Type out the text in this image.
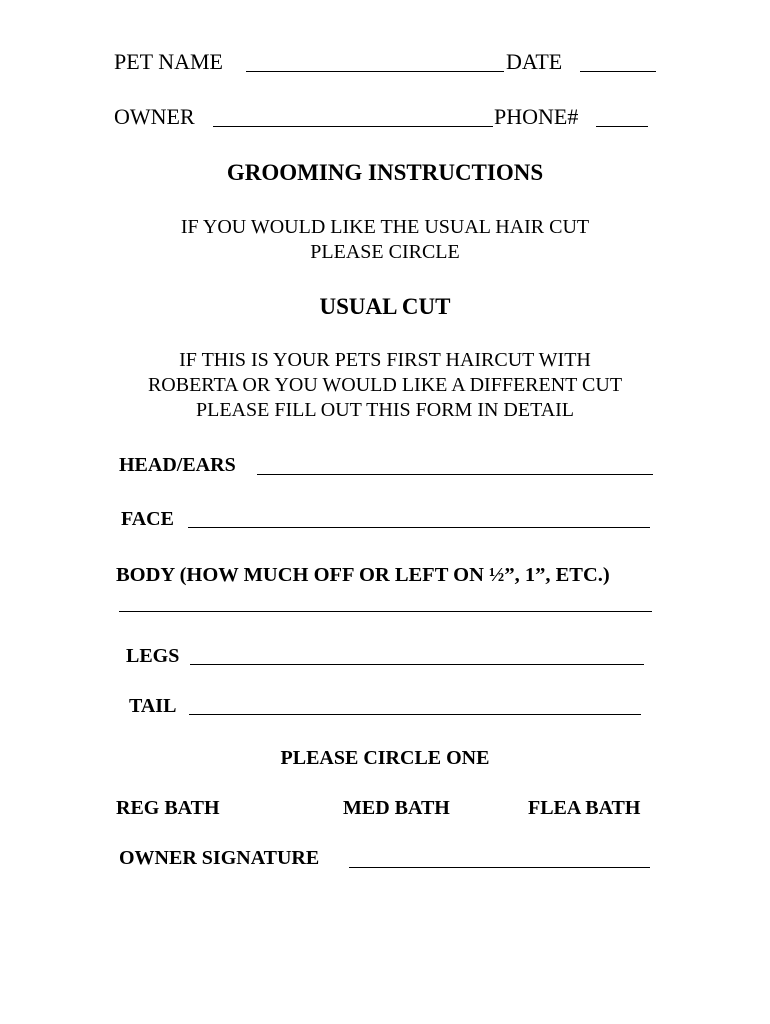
PET NAME	DATE
OWNER	PHONE#
GROOMING INSTRUCTIONS
IF YOU WOULD LIKE THE USUAL HAIR CUT
PLEASE CIRCLE
USUAL CUT
IF THIS IS YOUR PETS FIRST HAIRCUT WITH
ROBERTA OR YOU WOULD LIKE A DIFFERENT CUT
PLEASE FILL OUT THIS FORM IN DETAIL
HEAD/EARS
FACE
BODY (HOW MUCH OFF OR LEFT ON ½”, 1”, ETC.)
LEGS
TAIL
PLEASE CIRCLE ONE
REG BATH	MED BATH	FLEA BATH
OWNER SIGNATURE
